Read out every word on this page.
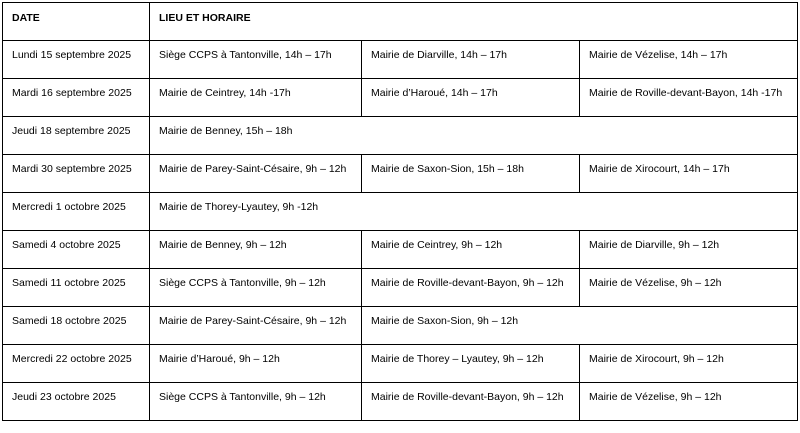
DATE	LIEU ET HORAIRE		
Lundi 15 septembre 2025	Siège CCPS à Tantonville, 14h – 17h	Mairie de Diarville, 14h – 17h	Mairie de Vézelise, 14h – 17h
Mardi 16 septembre 2025	Mairie de Ceintrey, 14h -17h	Mairie d’Haroué, 14h – 17h	Mairie de Roville-devant-Bayon, 14h -17h
Jeudi 18 septembre 2025	Mairie de Benney, 15h – 18h		
Mardi 30 septembre 2025	Mairie de Parey-Saint-Césaire, 9h – 12h	Mairie de Saxon-Sion, 15h – 18h	Mairie de Xirocourt, 14h – 17h
Mercredi 1 octobre 2025	Mairie de Thorey-Lyautey, 9h -12h		
Samedi 4 octobre 2025	Mairie de Benney, 9h – 12h	Mairie de Ceintrey, 9h – 12h	Mairie de Diarville, 9h – 12h
Samedi 11 octobre 2025	Siège CCPS à Tantonville, 9h – 12h	Mairie de Roville-devant-Bayon, 9h – 12h	Mairie de Vézelise, 9h – 12h
Samedi 18 octobre 2025	Mairie de Parey-Saint-Césaire, 9h – 12h	Mairie de Saxon-Sion, 9h – 12h	
Mercredi 22 octobre 2025	Mairie d’Haroué, 9h – 12h	Mairie de Thorey – Lyautey, 9h – 12h	Mairie de Xirocourt, 9h – 12h
Jeudi 23 octobre 2025	Siège CCPS à Tantonville, 9h – 12h	Mairie de Roville-devant-Bayon, 9h – 12h	Mairie de Vézelise, 9h – 12h
